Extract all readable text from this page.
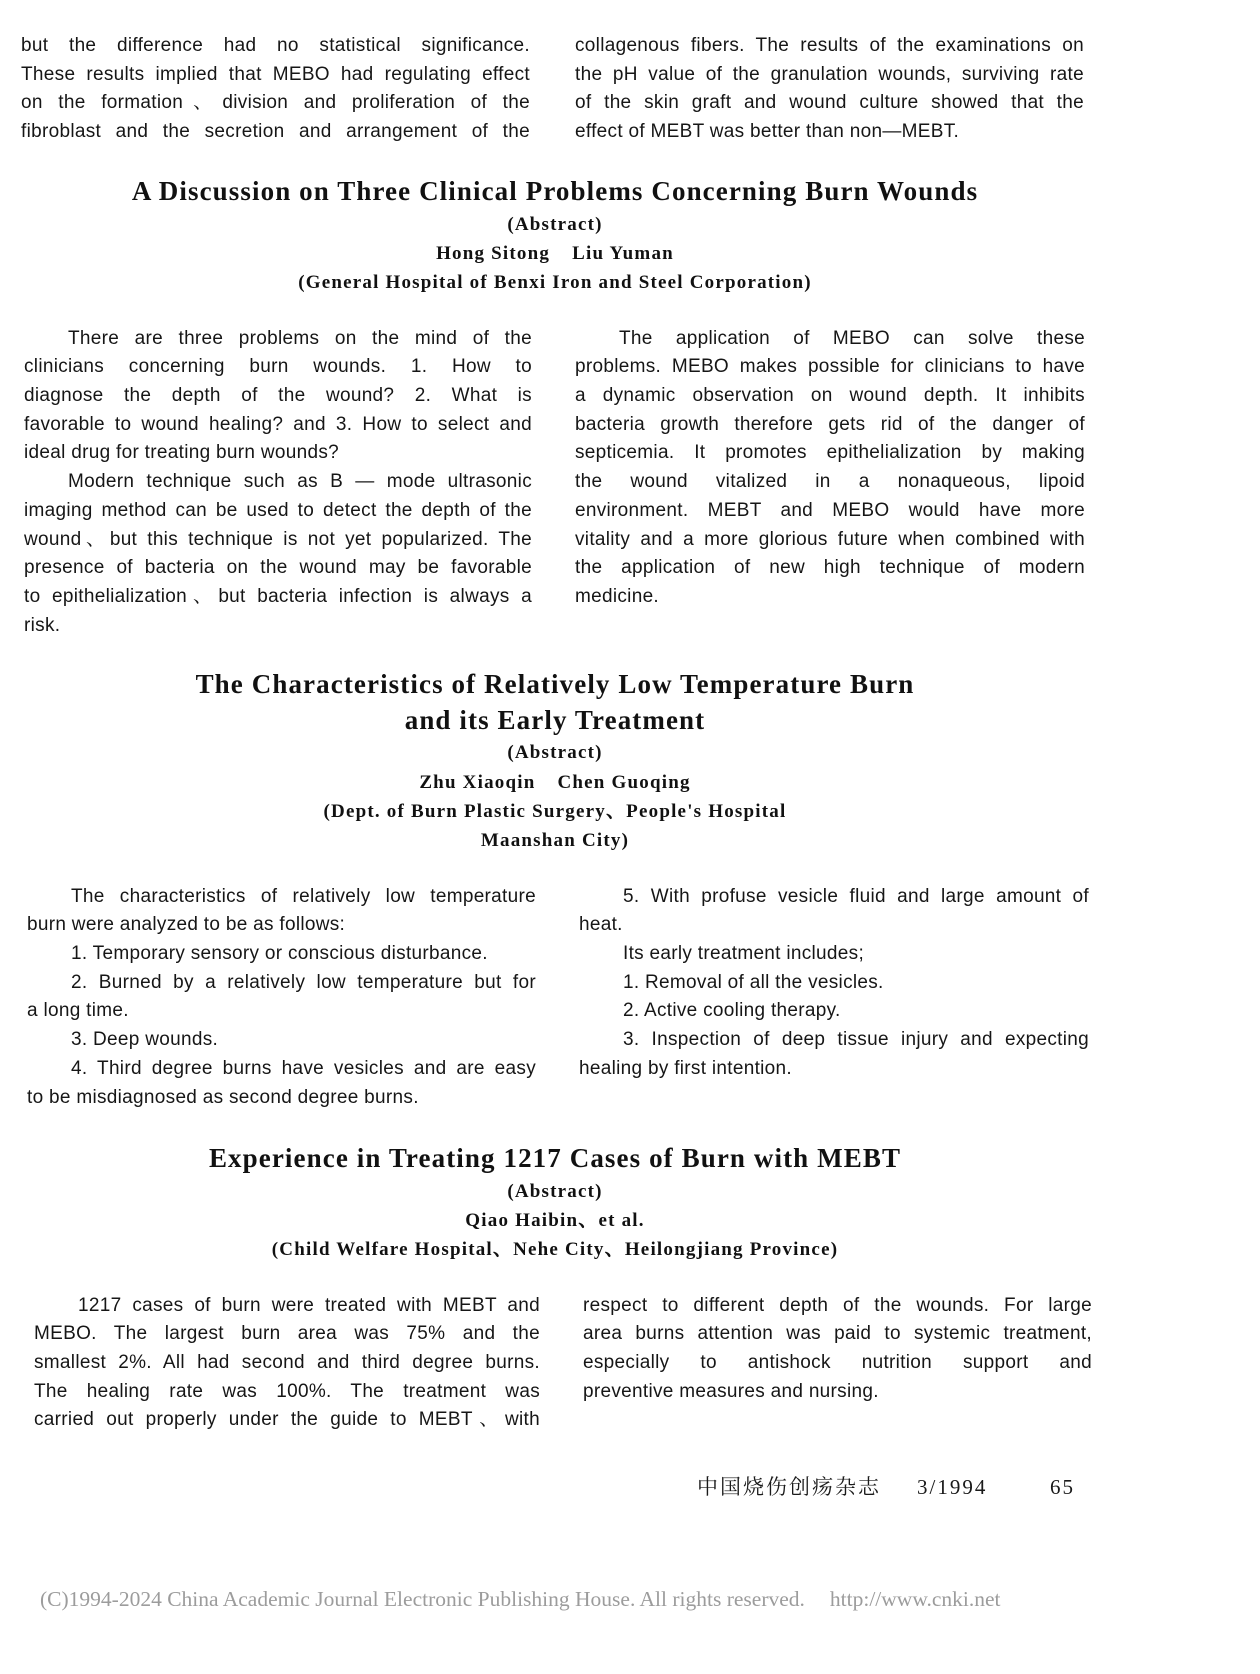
but the difference had no statistical significance.
These results implied that MEBO had regulating effect
on the formation、division and proliferation of the
fibroblast and the secretion and arrangement of the
collagenous fibers. The results of the examinations on
the pH value of the granulation wounds, surviving rate
of the skin graft and wound culture showed that the
effect of MEBT was better than non—MEBT.
A Discussion on Three Clinical Problems Concerning Burn Wounds
(Abstract)
Hong Sitong Liu Yuman
(General Hospital of Benxi Iron and Steel Corporation)
There are three problems on the mind of the
clinicians concerning burn wounds. 1. How to
diagnose the depth of the wound? 2. What is
favorable to wound healing? and 3. How to select and
ideal drug for treating burn wounds?
Modern technique such as B — mode ultrasonic
imaging method can be used to detect the depth of the
wound、but this technique is not yet popularized. The
presence of bacteria on the wound may be favorable
to epithelialization、but bacteria infection is always a
risk.
The application of MEBO can solve these
problems. MEBO makes possible for clinicians to have
a dynamic observation on wound depth. It inhibits
bacteria growth therefore gets rid of the danger of
septicemia. It promotes epithelialization by making
the wound vitalized in a nonaqueous, lipoid
environment. MEBT and MEBO would have more
vitality and a more glorious future when combined with
the application of new high technique of modern
medicine.
The Characteristics of Relatively Low Temperature Burn
and its Early Treatment
(Abstract)
Zhu Xiaoqin Chen Guoqing
(Dept. of Burn Plastic Surgery、People's Hospital
Maanshan City)
The characteristics of relatively low temperature
burn were analyzed to be as follows:
1. Temporary sensory or conscious disturbance.
2. Burned by a relatively low temperature but for
a long time.
3. Deep wounds.
4. Third degree burns have vesicles and are easy
to be misdiagnosed as second degree burns.
5. With profuse vesicle fluid and large amount of
heat.
Its early treatment includes;
1. Removal of all the vesicles.
2. Active cooling therapy.
3. Inspection of deep tissue injury and expecting
healing by first intention.
Experience in Treating 1217 Cases of Burn with MEBT
(Abstract)
Qiao Haibin、et al.
(Child Welfare Hospital、Nehe City、Heilongjiang Province)
1217 cases of burn were treated with MEBT and
MEBO. The largest burn area was 75% and the
smallest 2%. All had second and third degree burns.
The healing rate was 100%. The treatment was
carried out properly under the guide to MEBT、with
respect to different depth of the wounds. For large
area burns attention was paid to systemic treatment,
especially to antishock nutrition support and
preventive measures and nursing.
中国烧伤创疡杂志 3/1994	65
(C)1994-2024 China Academic Journal Electronic Publishing House. All rights reserved. http://www.cnki.net
